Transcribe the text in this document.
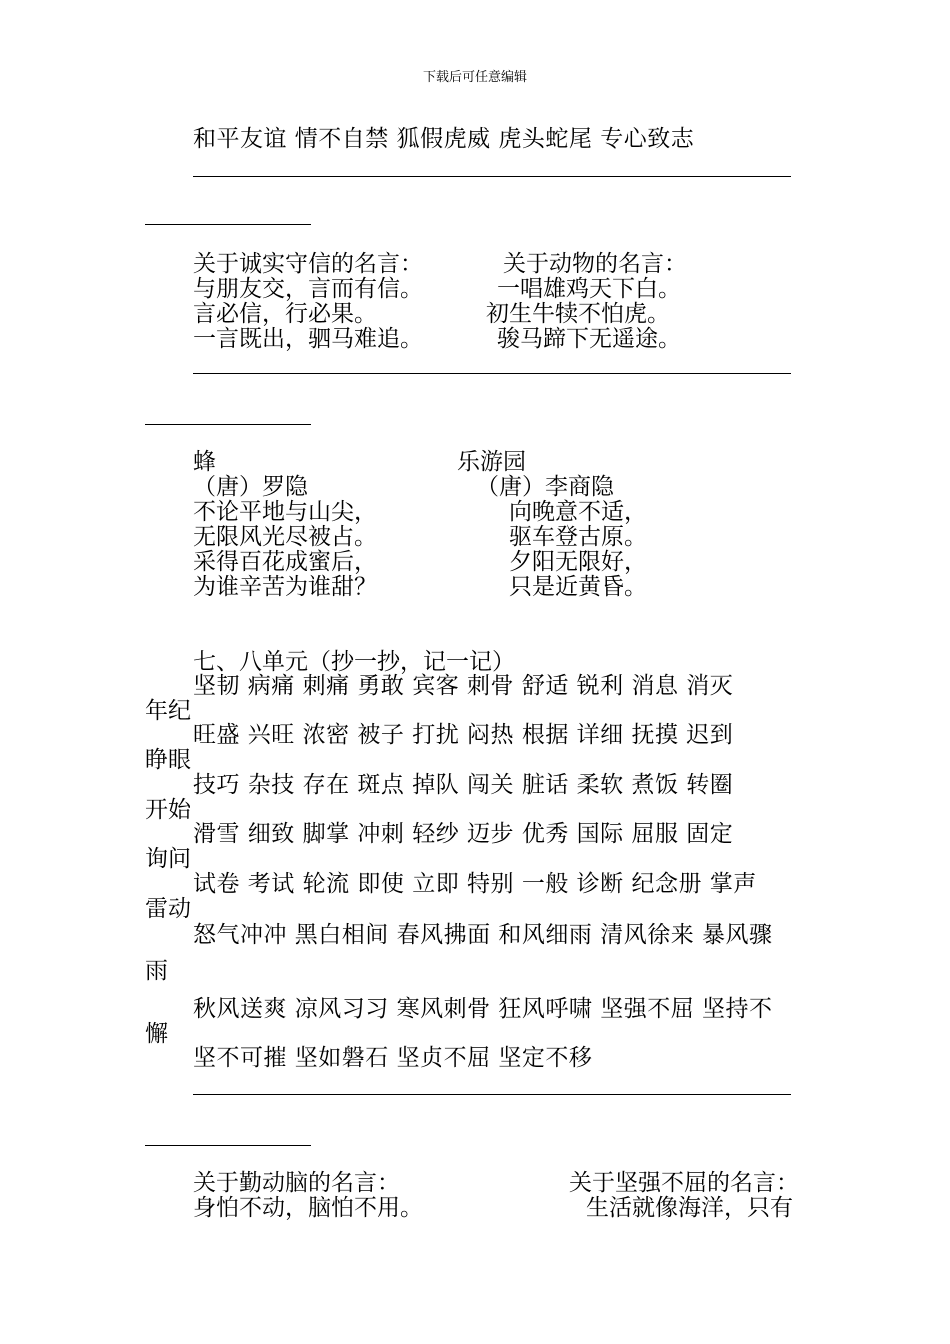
下载后可任意编辑
和平友谊 情不自禁 狐假虎威 虎头蛇尾 专心致志
关于诚实守信的名言：
与朋友交，言而有信。
言必信，行必果。
一言既出，驷马难追。
关于动物的名言：
一唱雄鸡天下白。
初生牛犊不怕虎。
骏马蹄下无遥途。
蜂
（唐）罗隐
不论平地与山尖，
无限风光尽被占。
采得百花成蜜后，
为谁辛苦为谁甜？
乐游园
（唐）李商隐
向晚意不适，
驱车登古原。
夕阳无限好，
只是近黄昏。
七、八单元（抄一抄，记一记）
坚韧 病痛 刺痛 勇敢 宾客 刺骨 舒适 锐利 消息 消灭
年纪
旺盛 兴旺 浓密 被子 打扰 闷热 根据 详细 抚摸 迟到
睁眼
技巧 杂技 存在 斑点 掉队 闯关 脏话 柔软 煮饭 转圈
开始
滑雪 细致 脚掌 冲刺 轻纱 迈步 优秀 国际 屈服 固定
询问
试卷 考试 轮流 即使 立即 特别 一般 诊断 纪念册 掌声
雷动
怒气冲冲 黑白相间 春风拂面 和风细雨 清风徐来 暴风骤
雨
秋风送爽 凉风习习 寒风刺骨 狂风呼啸 坚强不屈 坚持不
懈
坚不可摧 坚如磐石 坚贞不屈 坚定不移
关于勤动脑的名言：
身怕不动，脑怕不用。
关于坚强不屈的名言：
生活就像海洋，只有
